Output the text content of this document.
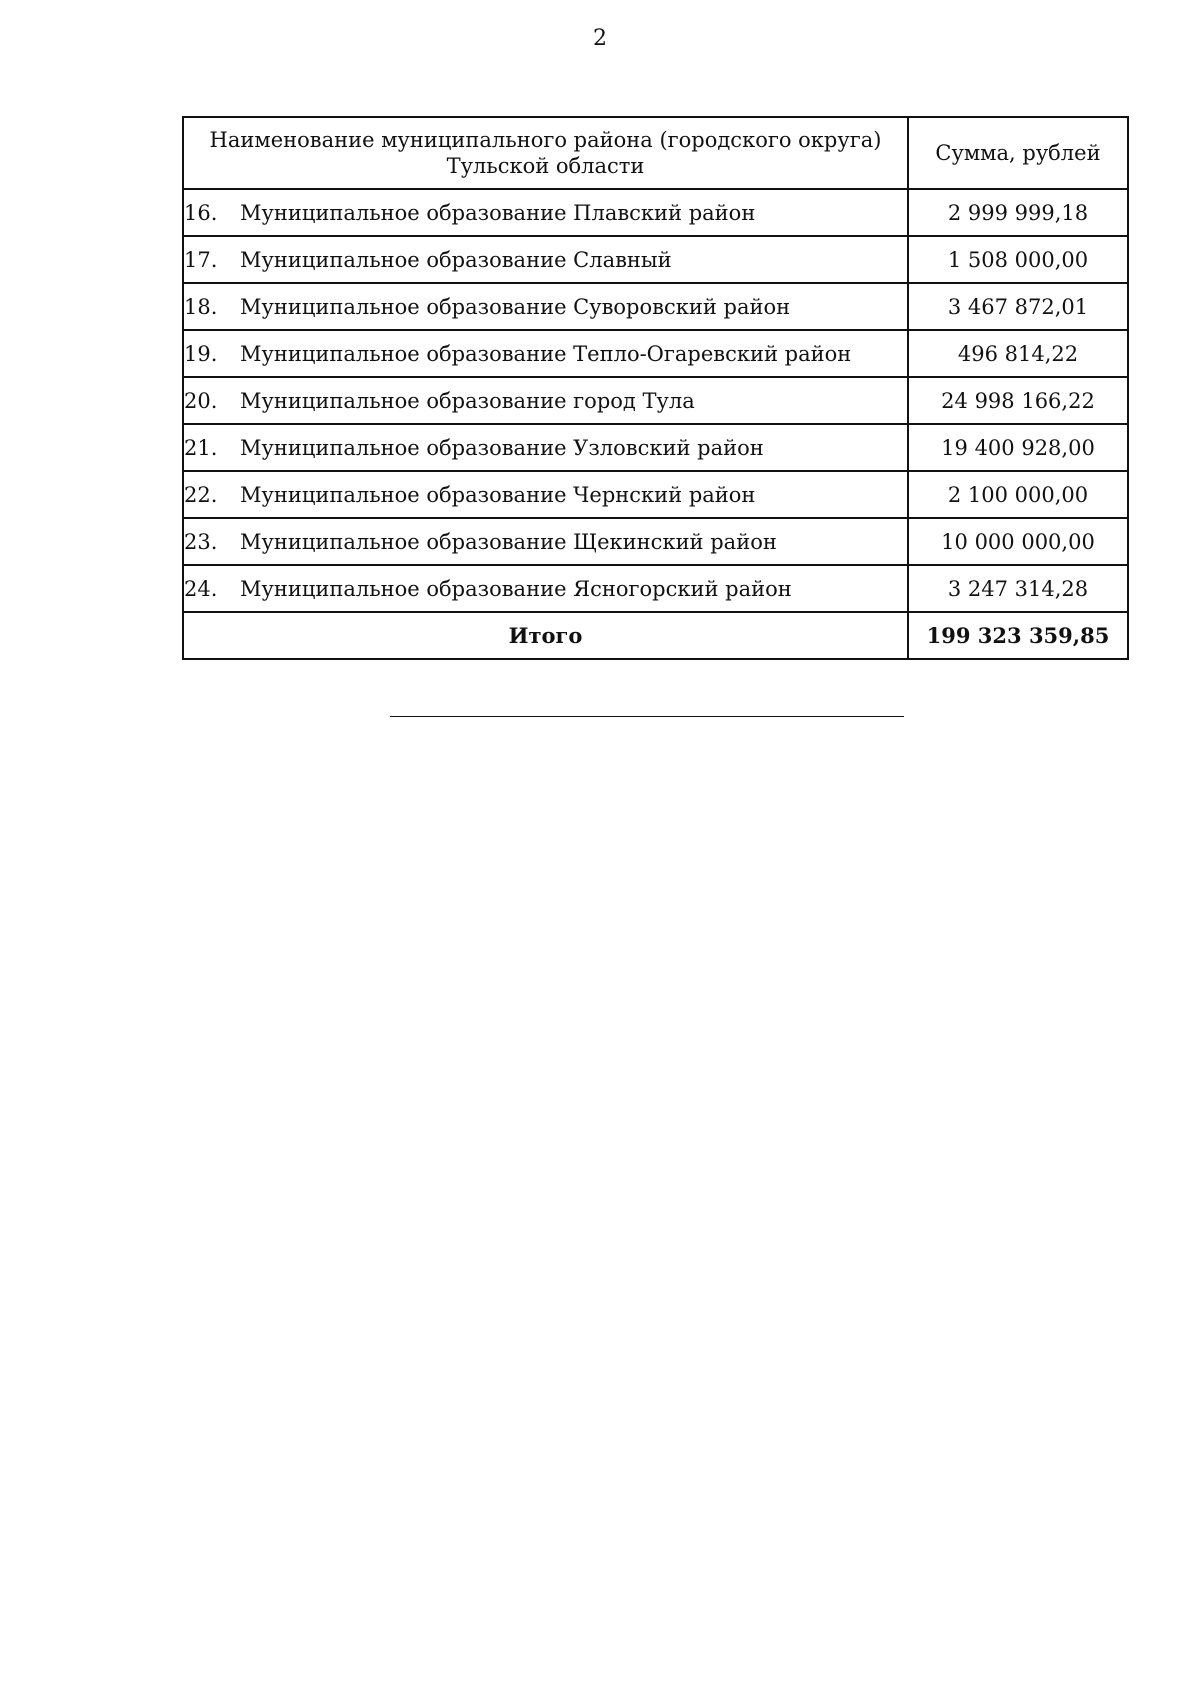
2
Наименование муниципального района (городского округа)
Тульской области	Сумма, рублей
16. Муниципальное образование Плавский район	2 999 999,18
17. Муниципальное образование Славный	1 508 000,00
18. Муниципальное образование Суворовский район	3 467 872,01
19. Муниципальное образование Тепло-Огаревский район	496 814,22
20. Муниципальное образование город Тула	24 998 166,22
21. Муниципальное образование Узловский район	19 400 928,00
22. Муниципальное образование Чернский район	2 100 000,00
23. Муниципальное образование Щекинский район	10 000 000,00
24. Муниципальное образование Ясногорский район	3 247 314,28
Итого	199 323 359,85
